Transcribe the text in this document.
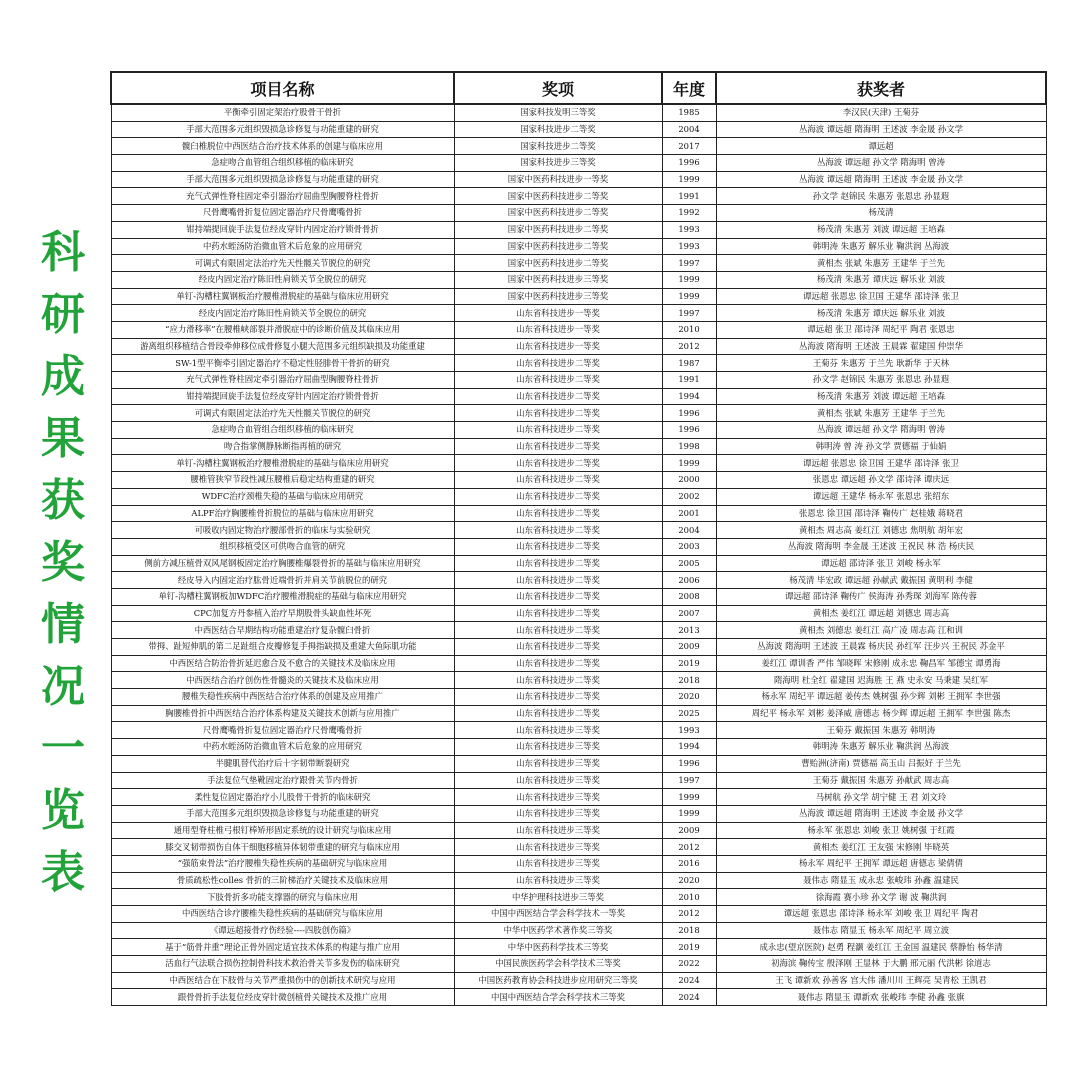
科
研
成
果
获
奖
情
况
一
览
表
项目名称	奖项	年度	获奖者
平衡牵引固定架治疗股骨干骨折	国家科技发明三等奖	1985	李汉民(天津) 王菊芬
手部大范围多元组织毁损急诊修复与功能重建的研究	国家科技进步二等奖	2004	丛海波 谭远超 隋海明 王述波 李金晟 孙文学
髋臼椎脱位中西医结合治疗技术体系的创建与临床应用	国家科技进步二等奖	2017	谭远超
急症吻合血管组合组织移植的临床研究	国家科技进步三等奖	1996	丛海波 谭远超 孙文学 隋海明 曾涛
手部大范围多元组织毁损急诊修复与功能重建的研究	国家中医药科技进步一等奖	1999	丛海波 谭远超 隋海明 王述波 李金晟 孙文学
充气式弹性脊柱固定牵引器治疗屈曲型胸腰脊柱骨折	国家中医药科技进步二等奖	1991	孙文学 赵锦民 朱惠芳 张恩忠 孙显遐
尺骨鹰嘴骨折复位固定器治疗尺骨鹰嘴骨折	国家中医药科技进步二等奖	1992	杨茂清
钳持端提回旋手法复位经皮穿针内固定治疗锁骨骨折	国家中医药科技进步二等奖	1993	杨茂清 朱惠芳 刘波 谭远超 王培森
中药水蛭汤防治微血管术后危象的应用研究	国家中医药科技进步二等奖	1993	韩明涛 朱惠芳 解乐业 鞠洪润 丛海波
可调式有限固定法治疗先天性髋关节脱位的研究	国家中医药科技进步二等奖	1997	黄相杰 张斌 朱惠芳 王建华 于兰先
经皮内固定治疗陈旧性肩锁关节全脱位的研究	国家中医药科技进步三等奖	1999	杨茂清 朱惠芳 谭庆远 解乐业 刘波
单钉-沟槽柱翼钢板治疗腰椎滑脱症的基础与临床应用研究	国家中医药科技进步三等奖	1999	谭远超 张恩忠 徐卫国 王建华 邵诗泽 张卫
经皮内固定治疗陈旧性肩锁关节全脱位的研究	山东省科技进步一等奖	1997	杨茂清 朱惠芳 谭庆远 解乐业 刘波
“应力滑移率”在腰椎峡部裂并滑脱症中的诊断价值及其临床应用	山东省科技进步一等奖	2010	谭远超 张卫 邵诗泽 周纪平 陶君 张恩忠
游离组织移植结合骨段牵伸移位成骨修复小腿大范围多元组织缺损及功能重建	山东省科技进步一等奖	2012	丛海波 隋海明 王述波 王晨霖 翟建国 仲崇华
SW-1型平衡牵引固定器治疗不稳定性胫腓骨干骨折的研究	山东省科技进步二等奖	1987	王菊芬 朱惠芳 于兰先 耿新华 于天林
充气式弹性脊柱固定牵引器治疗屈曲型胸腰脊柱骨折	山东省科技进步二等奖	1991	孙文学 赵锦民 朱惠芳 张恩忠 孙显遐
钳持端提回旋手法复位经皮穿针内固定治疗锁骨骨折	山东省科技进步二等奖	1994	杨茂清 朱惠芳 刘波 谭远超 王培森
可调式有限固定法治疗先天性髋关节脱位的研究	山东省科技进步二等奖	1996	黄相杰 张斌 朱惠芳 王建华 于兰先
急症吻合血管组合组织移植的临床研究	山东省科技进步二等奖	1996	丛海波 谭远超 孙文学 隋海明 曾涛
吻合指掌侧静脉断指再植的研究	山东省科技进步二等奖	1998	韩明涛 曾 涛 孙文学 贾德福 于仙娟
单钉-沟槽柱翼钢板治疗腰椎滑脱症的基础与临床应用研究	山东省科技进步二等奖	1999	谭远超 张恩忠 徐卫国 王建华 邵诗泽 张卫
腰椎管狭窄节段性减压腰椎后稳定结构重建的研究	山东省科技进步二等奖	2000	张恩忠 谭远超 孙文学 邵诗泽 谭庆远
WDFC治疗颈椎失稳的基础与临床应用研究	山东省科技进步二等奖	2002	谭远超 王建华 杨永军 张恩忠 张绍东
ALPF治疗胸腰椎骨折脱位的基础与临床应用研究	山东省科技进步二等奖	2001	张恩忠 徐卫国 邵诗泽 鞠传广 赵桂娥 蒋晓君
可吸收内固定物治疗腰部骨折的临床与实验研究	山东省科技进步二等奖	2004	黄相杰 周志高 姜红江 刘德忠 焦明航 胡年宏
组织移植受区可供吻合血管的研究	山东省科技进步二等奖	2003	丛海波 隋海明 李金晟 王述波 王祝民 林 浩 杨庆民
侧前方减压植骨双风尾钢板固定治疗胸腰椎爆裂骨折的基础与临床应用研究	山东省科技进步二等奖	2005	谭远超 邵诗泽 张卫 刘峻 杨永军
经皮导入内固定治疗肱骨近端骨折并肩关节前脱位的研究	山东省科技进步二等奖	2006	杨茂清 毕宏政 谭远超 孙献武 戴振国 黄明利 李健
单钉-沟槽柱翼钢板加WDFC治疗腰椎滑脱症的基础与临床应用研究	山东省科技进步二等奖	2008	谭远超 邵诗泽 鞠传广 侯海涛 孙秀琛 刘海军 陈传蓉
CPC加复方丹参植入治疗早期股骨头缺血性坏死	山东省科技进步二等奖	2007	黄相杰 姜红江 谭远超 刘德忠 周志高
中西医结合早期结构功能重建治疗复杂髋臼骨折	山东省科技进步二等奖	2013	黄相杰 刘德忠 姜红江 高广凌 周志高 江和训
带拇、趾短伸肌的第二足趾组合皮瓣修复手拇指缺损及重建大鱼际肌功能	山东省科技进步二等奖	2009	丛海波 隋海明 王述波 王晨霖 杨庆民 孙红军 汪步兴 王祝民 苏金平
中西医结合防治骨折延迟愈合及不愈合的关键技术及临床应用	山东省科技进步二等奖	2019	姜红江 谭训香 严伟 邹晓晖 宋修刚 成永忠 鞠昌军 邹德宝 谭勇海
中西医结合治疗创伤性骨髓炎的关键技术及临床应用	山东省科技进步二等奖	2018	隋海明 杜全红 翟建国 迟海胜 王 燕 史永安 马秉建 吴红军
腰椎失稳性疾病中西医结合治疗体系的创建及应用推广	山东省科技进步二等奖	2020	杨永军 周纪平 谭远超 姜传杰 姚树强 孙少辉 刘彬 王拥军 李世强
胸腰椎骨折中西医结合治疗体系构建及关键技术创新与应用推广	山东省科技进步二等奖	2025	周纪平 杨永军 刘彬 姜泽威 唐德志 杨少辉 谭远超 王拥军 李世强 陈杰
尺骨鹰嘴骨折复位固定器治疗尺骨鹰嘴骨折	山东省科技进步三等奖	1993	王菊芬 戴振国 朱惠芳 韩明涛
中药水蛭汤防治微血管术后危象的应用研究	山东省科技进步三等奖	1994	韩明涛 朱惠芳 解乐业 鞠洪润 丛海波
半腱肌替代治疗后十字韧带断裂研究	山东省科技进步三等奖	1996	曹贻洲(济南) 贾德福 高玉山 吕振好 于兰先
手法复位气垫靴固定治疗跟骨关节内骨折	山东省科技进步三等奖	1997	王菊芬 戴振国 朱惠芳 孙献武 周志高
柔性复位固定器治疗小儿股骨干骨折的临床研究	山东省科技进步三等奖	1999	马树航 孙文学 胡宁健 王 君 刘文玲
手部大范围多元组织毁损急诊修复与功能重建的研究	山东省科技进步三等奖	1999	丛海波 谭远超 隋海明 王述波 李金晟 孙文学
通用型脊柱椎弓根钉棒矫形固定系统的设计研究与临床应用	山东省科技进步三等奖	2009	杨永军 张恩忠 刘峻 张卫 姚树强 于红霞
膝交叉韧带损伤自体干细胞移植异体韧带重建的研究与临床应用	山东省科技进步三等奖	2012	黄相杰 姜红江 王友强 宋修刚 毕晓英
“强筋束骨法”治疗腰椎失稳性疾病的基础研究与临床应用	山东省科技进步三等奖	2016	杨永军 周纪平 王拥军 谭远超 唐德志 梁倩倩
骨质疏松性colles 骨折的三阶梯治疗关键技术及临床应用	山东省科技进步三等奖	2020	聂伟志 隋显玉 成永忠 张峻玮 孙鑫 温建民
下肢骨折多功能支撑器的研究与临床应用	中华护理科技进步三等奖	2010	徐海霞 赛小珍 孙文学 谢 波 鞠洪润
中西医结合诊疗腰椎失稳性疾病的基础研究与临床应用	中国中西医结合学会科学技术一等奖	2012	谭远超 张恩忠 邵诗泽 杨永军 刘峻 张卫 周纪平 陶君
《谭远超接骨疗伤经验----四肢创伤篇》	中华中医药学术著作奖三等奖	2018	聂伟志 隋显玉 杨永军 周纪平 周立波
基于“筋骨并重”理论正骨外固定适宜技术体系的构建与推广应用	中华中医药科学技术三等奖	2019	成永忠(望京医院) 赵勇 程灏 姜红江 王金国 温建民 蔡静怡 杨华清
活血行气法联合损伤控制骨科技术救治骨关节多发伤的临床研究	中国民族医药学会科学技术三等奖	2022	初海滨 鞠传宝 殷泽刚 王显林 于大鹏 邢元丽 代洪彬 徐道志
中西医结合在下肢骨与关节严重损伤中的创新技术研究与应用	中国医药教育协会科技进步应用研究三等奖	2024	王飞 谭新欢 孙善客 宫大伟 潘川川 王辉亮 吴青松 王凯君
跟骨骨折手法复位经皮穿针微创植骨关键技术及推广应用	中国中西医结合学会科学技术三等奖	2024	聂伟志 隋显玉 谭新欢 张峻玮 李健 孙鑫 张旗
